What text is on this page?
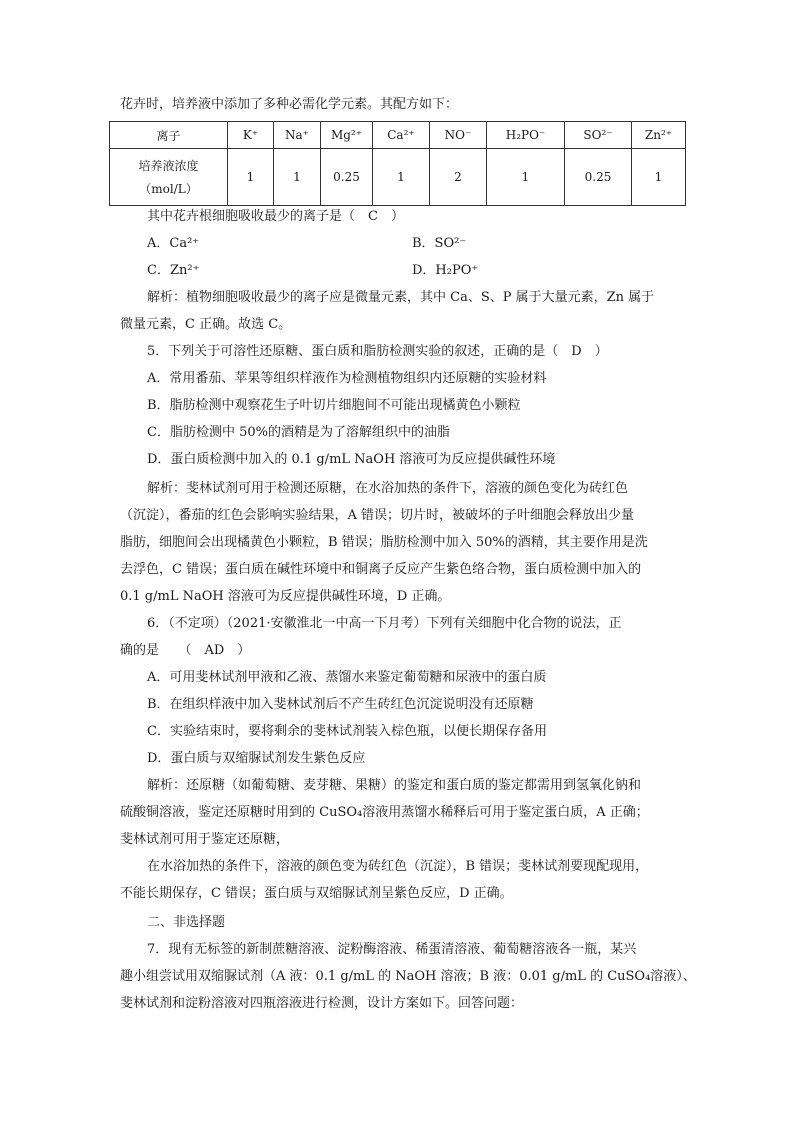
花卉时，培养液中添加了多种必需化学元素。其配方如下：
离子	K⁺	Na⁺	Mg²⁺	Ca²⁺	NO⁻	H₂PO⁻	SO²⁻	Zn²⁺

培养液浓度
（mol/L）	1	1	0.25	1	2	1	0.25	1
其中花卉根细胞吸收最少的离子是（　C　）
A．Ca²⁺	B．SO²⁻
C．Zn²⁺	D．H₂PO⁺
解析：植物细胞吸收最少的离子应是微量元素，其中 Ca、S、P 属于大量元素，Zn 属于
微量元素，C 正确。故选 C。
5．下列关于可溶性还原糖、蛋白质和脂肪检测实验的叙述，正确的是（　D　）
A．常用番茄、苹果等组织样液作为检测植物组织内还原糖的实验材料
B．脂肪检测中观察花生子叶切片细胞间不可能出现橘黄色小颗粒
C．脂肪检测中 50%的酒精是为了溶解组织中的油脂
D．蛋白质检测中加入的 0.1 g/mL NaOH 溶液可为反应提供碱性环境
解析：斐林试剂可用于检测还原糖，在水浴加热的条件下，溶液的颜色变化为砖红色
（沉淀），番茄的红色会影响实验结果，A 错误；切片时，被破坏的子叶细胞会释放出少量
脂肪，细胞间会出现橘黄色小颗粒，B 错误；脂肪检测中加入 50%的酒精，其主要作用是洗
去浮色，C 错误；蛋白质在碱性环境中和铜离子反应产生紫色络合物，蛋白质检测中加入的
0.1 g/mL NaOH 溶液可为反应提供碱性环境，D 正确。
6．（不定项）（2021·安徽淮北一中高一下月考）下列有关细胞中化合物的说法，正
确的是　　（　AD　）
A．可用斐林试剂甲液和乙液、蒸馏水来鉴定葡萄糖和尿液中的蛋白质
B．在组织样液中加入斐林试剂后不产生砖红色沉淀说明没有还原糖
C．实验结束时，要将剩余的斐林试剂装入棕色瓶，以便长期保存备用
D．蛋白质与双缩脲试剂发生紫色反应
解析：还原糖（如葡萄糖、麦芽糖、果糖）的鉴定和蛋白质的鉴定都需用到氢氧化钠和
硫酸铜溶液，鉴定还原糖时用到的 CuSO₄溶液用蒸馏水稀释后可用于鉴定蛋白质，A 正确；
斐林试剂可用于鉴定还原糖，
在水浴加热的条件下，溶液的颜色变为砖红色（沉淀），B 错误；斐林试剂要现配现用，
不能长期保存，C 错误；蛋白质与双缩脲试剂呈紫色反应，D 正确。
二、非选择题
7．现有无标签的新制蔗糖溶液、淀粉酶溶液、稀蛋清溶液、葡萄糖溶液各一瓶，某兴
趣小组尝试用双缩脲试剂（A 液：0.1 g/mL 的 NaOH 溶液；B 液：0.01 g/mL 的 CuSO₄溶液）、
斐林试剂和淀粉溶液对四瓶溶液进行检测，设计方案如下。回答问题：
